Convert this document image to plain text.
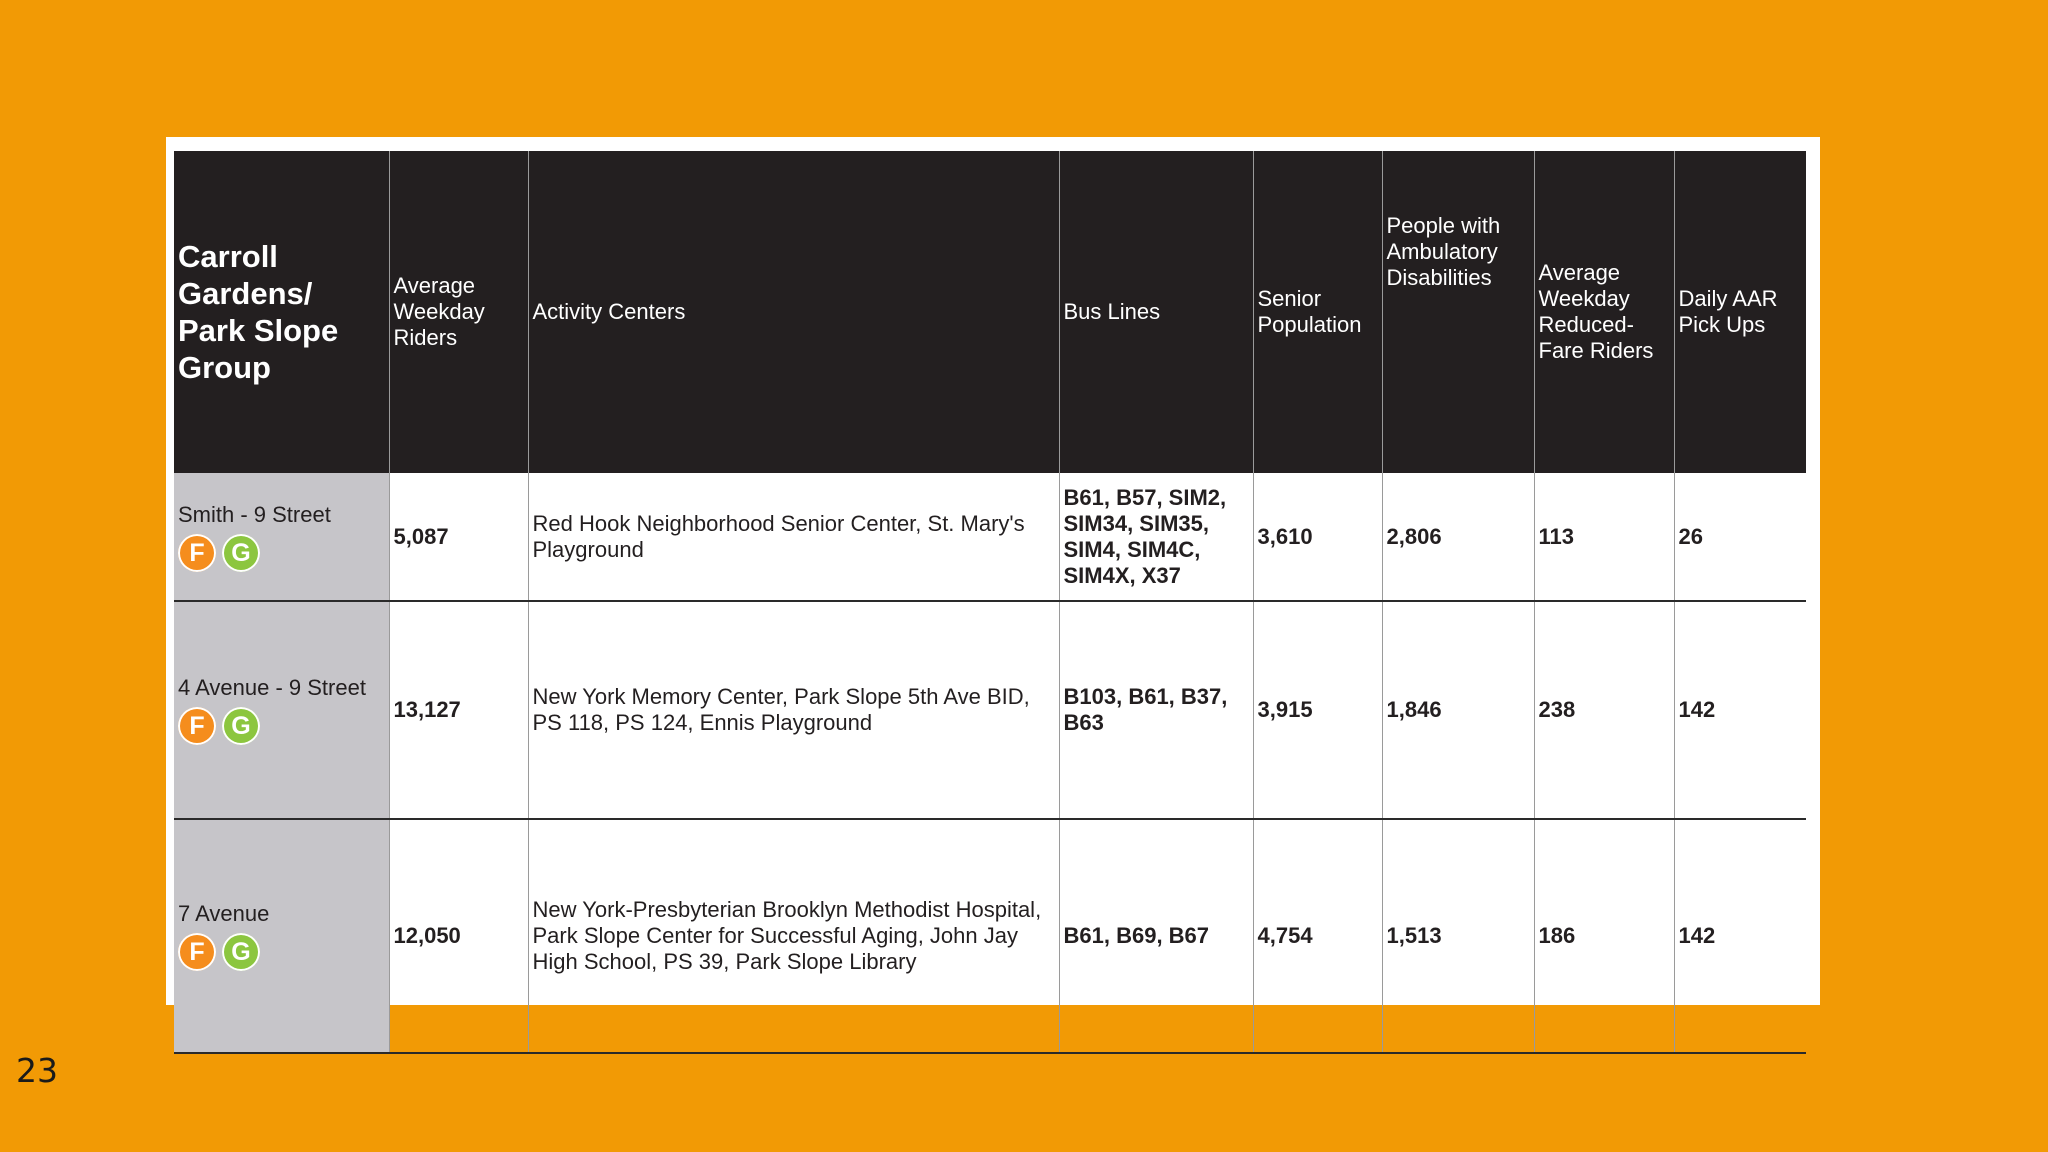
Carroll Gardens/ Park Slope Group	Average Weekday Riders	Activity Centers	Bus Lines	Senior Population	People with Ambulatory Disabilities	Average Weekday Reduced-Fare Riders	Daily AAR Pick Ups

Smith - 9 Street
F G	5,087	Red Hook Neighborhood Senior Center, St. Mary's Playground	B61, B57, SIM2, SIM34, SIM35, SIM4, SIM4C, SIM4X, X37	3,610	2,806	113	26

4 Avenue - 9 Street
F G	13,127	New York Memory Center, Park Slope 5th Ave BID, PS 118, PS 124, Ennis Playground	B103, B61, B37, B63	3,915	1,846	238	142

7 Avenue
F G	12,050	New York-Presbyterian Brooklyn Methodist Hospital, Park Slope Center for Successful Aging, John Jay High School, PS 39, Park Slope Library	B61, B69, B67	4,754	1,513	186	142
23
